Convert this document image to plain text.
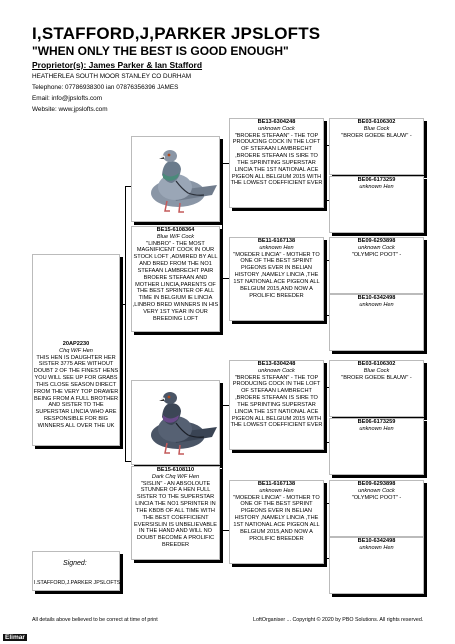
I,STAFFORD,J,PARKER JPSLOFTS
"WHEN ONLY THE BEST IS GOOD ENOUGH"
Proprietor(s): James Parker & Ian Stafford
HEATHERLEA SOUTH MOOR STANLEY CO DURHAM
Telephone: 07786938300 ian 07876356396 JAMES
Email: info@jpslofts.com
Website: www.jpslofts.com
20AP2230
Chq W/F Hen
THIS HEN IS DAUGHTER HER SISTER 3775 ARE WITHOUT DOUBT 2 OF THE FINEST HENS YOU WILL SEE UP FOR GRABS THIS CLOSE SEASON DIRECT FROM THE VERY TOP DRAWER BEING FROM A FULL BROTHER AND SISTER TO THE SUPERSTAR LINCIA WHO ARE RESPONSIBLE FOR BIG WINNERS ALL OVER THE UK
BE15-6108364
Blue W/F Cock
"LINBRO" - THE MOST MAGNIFICENT COCK IN OUR STOCK LOFT ,ADMIRED BY ALL AND BRED FROM THE NO1 STEFAAN LAMBRECHT PAIR BROERE STEFAAN AND MOTHER LINCIA,PARENTS OF THE BEST SPRINTER OF ALL TIME IN BELGIUM IE LINCIA ,LINBRO BRED WINNERS IN HIS VERY 1ST YEAR IN OUR BREEDING LOFT
BE15-6108110
Dark Chq W/F Hen
"SISLIN" - AN ABSOLOUTE STUNNER OF A HEN FULL SISTER TO THE SUPERSTAR LINCIA THE NO1 SPRINTER IN THE KBDB OF ALL TIME WITH THE BEST COEFFICIENT EVERSISLIN IS UNBELIEVABLE IN THE HAND AND WILL NO DOUBT BECOME A PROLIFIC BREEDER
BE13-6304248
unknown Cock
"BROERE STEFAAN" - THE TOP PRODUCING COCK IN THE LOFT OF STEFAAN LAMBRECHT ,BROERE STEFAAN IS SIRE TO THE SPRINTING SUPERSTAR LINCIA THE 1ST NATIONAL ACE PIGEON ALL BELGIUM 2015 WITH THE LOWEST COEFFICIENT EVER
BE11-6167138
unknown Hen
"MOEDER LINCIA" - MOTHER TO ONE OF THE BEST SPRINT PIGEONS EVER IN BELIAN HISTORY ,NAMELY LINCIA ,THE 1ST NATIONAL ACE PIGEON ALL BELGIUM 2015,AND NOW A PROLIFIC BREEDER
BE13-6304248
unknown Cock
"BROERE STEFAAN" - THE TOP PRODUCING COCK IN THE LOFT OF STEFAAN LAMBRECHT ,BROERE STEFAAN IS SIRE TO THE SPRINTING SUPERSTAR LINCIA THE 1ST NATIONAL ACE PIGEON ALL BELGIUM 2015 WITH THE LOWEST COEFFICIENT EVER
BE11-6167138
unknown Hen
"MOEDER LINCIA" - MOTHER TO ONE OF THE BEST SPRINT PIGEONS EVER IN BELIAN HISTORY ,NAMELY LINCIA ,THE 1ST NATIONAL ACE PIGEON ALL BELGIUM 2015,AND NOW A PROLIFIC BREEDER
BE03-6106302
Blue Cock
"BROER GOEDE BLAUW" -
BE06-6173259
unknown Hen
BE09-6293898
unknown Cock
"OLYMPIC POOT" -
BE10-6342498
unknown Hen
BE03-6106302
Blue Cock
"BROER GOEDE BLAUW" -
BE06-6173259
unknown Hen
BE09-6293898
unknown Cock
"OLYMPIC POOT" -
BE10-6342498
unknown Hen
Signed:
I.STAFFORD,J.PARKER JPSLOFTS
All details above believed to be correct at time of print	LoftOrganiser ... Copyright © 2020 by PBO Solutions. All rights reserved.
Elimar
